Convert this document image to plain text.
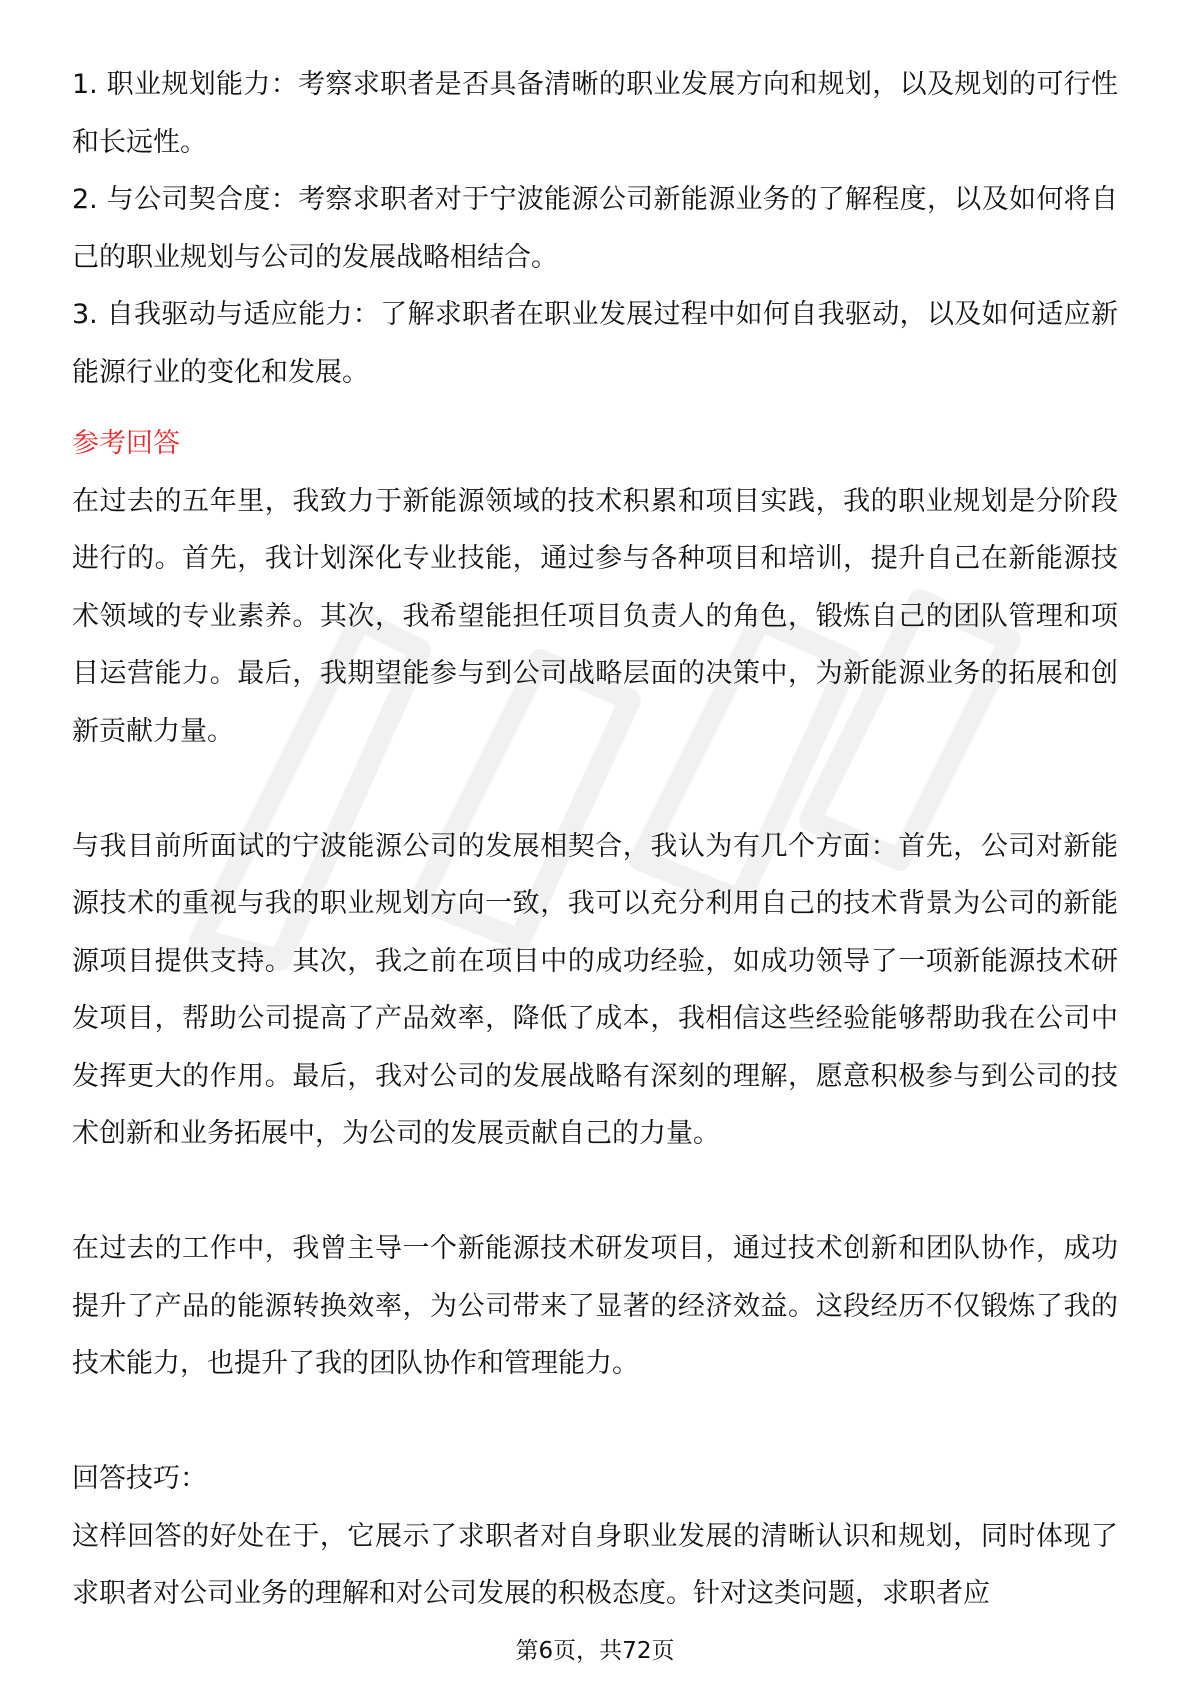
1. 职业规划能力：考察求职者是否具备清晰的职业发展方向和规划，以及规划的可行性和长远性。

2. 与公司契合度：考察求职者对于宁波能源公司新能源业务的了解程度，以及如何将自己的职业规划与公司的发展战略相结合。

3. 自我驱动与适应能力：了解求职者在职业发展过程中如何自我驱动，以及如何适应新能源行业的变化和发展。

参考回答

在过去的五年里，我致力于新能源领域的技术积累和项目实践，我的职业规划是分阶段进行的。首先，我计划深化专业技能，通过参与各种项目和培训，提升自己在新能源技术领域的专业素养。其次，我希望能担任项目负责人的角色，锻炼自己的团队管理和项目运营能力。最后，我期望能参与到公司战略层面的决策中，为新能源业务的拓展和创新贡献力量。

与我目前所面试的宁波能源公司的发展相契合，我认为有几个方面：首先，公司对新能源技术的重视与我的职业规划方向一致，我可以充分利用自己的技术背景为公司的新能源项目提供支持。其次，我之前在项目中的成功经验，如成功领导了一项新能源技术研发项目，帮助公司提高了产品效率，降低了成本，我相信这些经验能够帮助我在公司中发挥更大的作用。最后，我对公司的发展战略有深刻的理解，愿意积极参与到公司的技术创新和业务拓展中，为公司的发展贡献自己的力量。

在过去的工作中，我曾主导一个新能源技术研发项目，通过技术创新和团队协作，成功提升了产品的能源转换效率，为公司带来了显著的经济效益。这段经历不仅锻炼了我的技术能力，也提升了我的团队协作和管理能力。

回答技巧：

这样回答的好处在于，它展示了求职者对自身职业发展的清晰认识和规划，同时体现了求职者对公司业务的理解和对公司发展的积极态度。针对这类问题，求职者应

第6页，共72页
